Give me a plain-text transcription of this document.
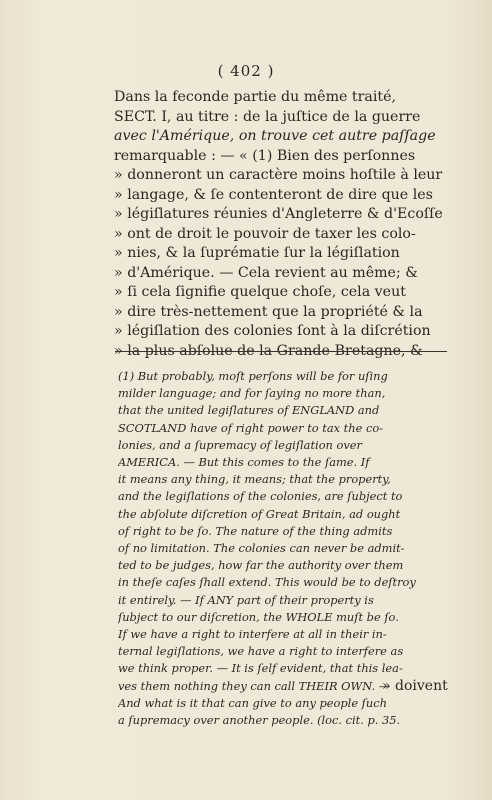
( 402 )
Dans la feconde partie du même traité,
SECT. I, au titre : de la juſtice de la guerre
avec l'Amérique, on trouve cet autre paſſage
remarquable : — « (1) Bien des perſonnes
» donneront un caractère moins hoſtile à leur
» langage, & ſe contenteront de dire que les
» légiſlatures réunies d'Angleterre & d'Ecoſſe
» ont de droit le pouvoir de taxer les colo-
» nies, & la ſuprématie ſur la légiſlation
» d'Amérique. — Cela revient au même; &
» ſi cela ſignifie quelque choſe, cela veut
» dire très-nettement que la propriété & la
» légiſlation des colonies ſont à la diſcrétion
» la plus abſolue de la Grande-Bretagne, &
(1) But probably, moſt perſons will be for uſing
milder language; and for ſaying no more than,
that the united legiſlatures of ENGLAND and
SCOTLAND have of right power to tax the co-
lonies, and a ſupremacy of legiſlation over
AMERICA. — But this comes to the ſame. If
it means any thing, it means; that the property,
and the legiſlations of the colonies, are ſubject to
the abſolute diſcretion of Great Britain, ad ought
of right to be ſo. The nature of the thing admits
of no limitation. The colonies can never be admit-
ted to be judges, how far the authority over them
in theſe caſes ſhall extend. This would be to deſtroy
it entirely. — If ANY part of their property is
ſubject to our diſcretion, the WHOLE muſt be ſo.
If we have a right to interfere at all in their in-
ternal legiſlations, we have a right to interfere as
we think proper. — It is ſelf evident, that this lea-
ves them nothing they can call THEIR OWN. —
And what is it that can give to any people ſuch
a ſupremacy over another people. (loc. cit. p. 35.
» doivent
